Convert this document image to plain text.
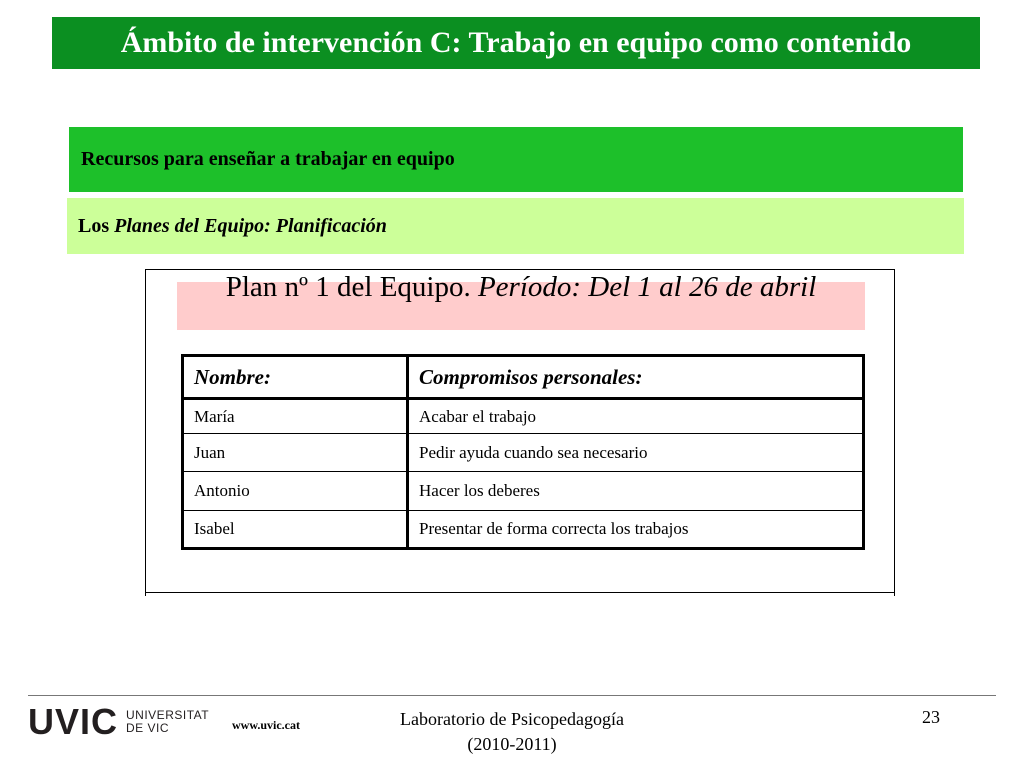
Ámbito de intervención C: Trabajo en equipo como contenido
Recursos para enseñar a trabajar en equipo
Los
Planes del Equipo: Planificación
Plan nº 1 del Equipo. Período: Del 1 al 26 de abril
Nombre:	Compromisos personales:
María	Acabar el trabajo
Juan	Pedir ayuda cuando sea necesario
Antonio	Hacer los deberes
Isabel	Presentar de forma correcta los trabajos
UVIC UNIVERSITAT
DE VIC	www.uvic.cat	Laboratorio de Psicopedagogía
(2010-2011)
23
